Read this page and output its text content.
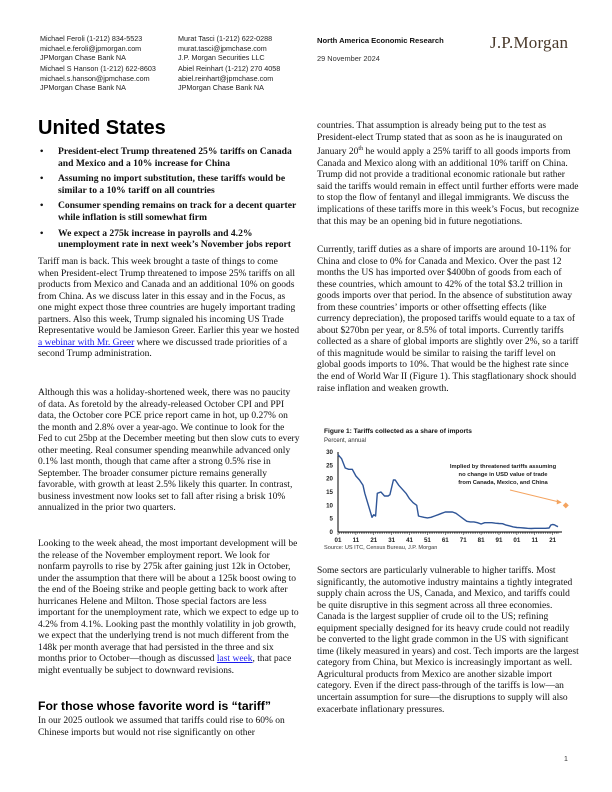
Michael Feroli (1-212) 834-5523
michael.e.feroli@jpmorgan.com
JPMorgan Chase Bank NA
Murat Tasci (1-212) 622-0288
murat.tasci@jpmchase.com
J.P. Morgan Securities LLC
Michael S Hanson (1-212) 622-8603
michael.s.hanson@jpmchase.com
JPMorgan Chase Bank NA
Abiel Reinhart (1-212) 270 4058
abiel.reinhart@jpmchase.com
JPMorgan Chase Bank NA
North America Economic Research
29 November 2024
J.P.Morgan
United States
• President-elect Trump threatened 25% tariffs on Canada and Mexico and a 10% increase for China
• Assuming no import substitution, these tariffs would be similar to a 10% tariff on all countries
• Consumer spending remains on track for a decent quarter while inflation is still somewhat firm
• We expect a 275k increase in payrolls and 4.2% unemployment rate in next week’s November jobs report

Tariff man is back. This week brought a taste of things to come when President-elect Trump threatened to impose 25% tariffs on all products from Mexico and Canada and an additional 10% on goods from China. As we discuss later in this essay and in the Focus, as one might expect those three countries are hugely important trading partners. Also this week, Trump signaled his incoming US Trade Representative would be Jamieson Greer. Earlier this year we hosted a webinar with Mr. Greer where we discussed trade priorities of a second Trump administration.

Although this was a holiday-shortened week, there was no paucity of data. As foretold by the already-released October CPI and PPI data, the October core PCE price report came in hot, up 0.27% on the month and 2.8% over a year-ago. We continue to look for the Fed to cut 25bp at the December meeting but then slow cuts to every other meeting. Real consumer spending meanwhile advanced only 0.1% last month, though that came after a strong 0.5% rise in September. The broader consumer picture remains generally favorable, with growth at least 2.5% likely this quarter. In contrast, business investment now looks set to fall after rising a brisk 10% annualized in the prior two quarters.

Looking to the week ahead, the most important development will be the release of the November employment report. We look for nonfarm payrolls to rise by 275k after gaining just 12k in October, under the assumption that there will be about a 125k boost owing to the end of the Boeing strike and people getting back to work after hurricanes Helene and Milton. Those special factors are less important for the unemployment rate, which we expect to edge up to 4.2% from 4.1%. Looking past the monthly volatility in job growth, we expect that the underlying trend is not much different from the 148k per month average that had persisted in the three and six months prior to October—though as discussed last week, that pace might eventually be subject to downward revisions.

For those whose favorite word is “tariff”

In our 2025 outlook we assumed that tariffs could rise to 60% on Chinese imports but would not rise significantly on other

countries. That assumption is already being put to the test as President-elect Trump stated that as soon as he is inaugurated on January 20th he would apply a 25% tariff to all goods imports from Canada and Mexico along with an additional 10% tariff on China. Trump did not provide a traditional economic rationale but rather said the tariffs would remain in effect until further efforts were made to stop the flow of fentanyl and illegal immigrants. We discuss the implications of these tariffs more in this week’s Focus, but recognize that this may be an opening bid in future negotiations.

Currently, tariff duties as a share of imports are around 10-11% for China and close to 0% for Canada and Mexico. Over the past 12 months the US has imported over $400bn of goods from each of these countries, which amount to 42% of the total $3.2 trillion in goods imports over that period. In the absence of substitution away from these countries’ imports or other offsetting effects (like currency depreciation), the proposed tariffs would equate to a tax of about $270bn per year, or 8.5% of total imports. Currently tariffs collected as a share of global imports are slightly over 2%, so a tariff of this magnitude would be similar to raising the tariff level on global goods imports to 10%. That would be the highest rate since the end of World War II (Figure 1). This stagflationary shock should raise inflation and weaken growth.

Figure 1: Tariffs collected as a share of imports
Percent, annual
0
5
10
15
20
25
30
01 11 21 31 41 51 61 71 81 91 01 11 21
Implied by threatened tariffs assuming
no change in USD value of trade
from Canada, Mexico, and China
Source: US ITC, Census Bureau, J.P. Morgan

Some sectors are particularly vulnerable to higher tariffs. Most significantly, the automotive industry maintains a tightly integrated supply chain across the US, Canada, and Mexico, and tariffs could be quite disruptive in this segment across all three economies. Canada is the largest supplier of crude oil to the US; refining equipment specially designed for its heavy crude could not readily be converted to the light grade common in the US with significant time (likely measured in years) and cost. Tech imports are the largest category from China, but Mexico is increasingly important as well. Agricultural products from Mexico are another sizable import category. Even if the direct pass-through of the tariffs is low—an uncertain assumption for sure—the disruptions to supply will also exacerbate inflationary pressures.

1
